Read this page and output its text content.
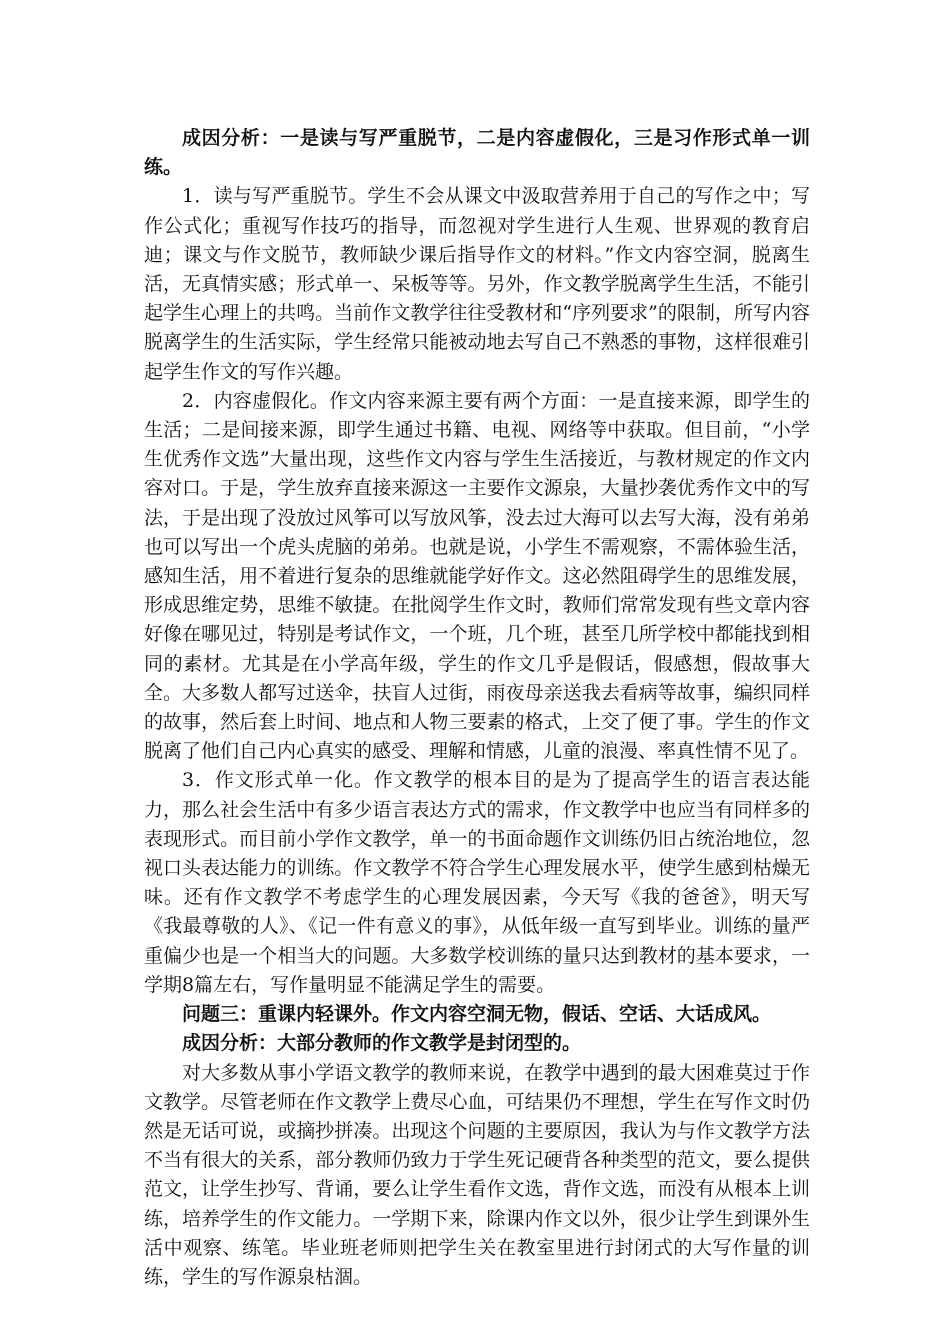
成因分析：一是读与写严重脱节，二是内容虚假化，三是习作形式单一训练。

1．读与写严重脱节。学生不会从课文中汲取营养用于自己的写作之中；写作公式化；重视写作技巧的指导，而忽视对学生进行人生观、世界观的教育启迪；课文与作文脱节，教师缺少课后指导作文的材料。”作文内容空洞，脱离生活，无真情实感；形式单一、呆板等等。另外，作文教学脱离学生生活，不能引起学生心理上的共鸣。当前作文教学往往受教材和“序列要求”的限制，所写内容脱离学生的生活实际，学生经常只能被动地去写自己不熟悉的事物，这样很难引起学生作文的写作兴趣。

2．内容虚假化。作文内容来源主要有两个方面：一是直接来源，即学生的生活；二是间接来源，即学生通过书籍、电视、网络等中获取。但目前，“小学生优秀作文选”大量出现，这些作文内容与学生生活接近，与教材规定的作文内容对口。于是，学生放弃直接来源这一主要作文源泉，大量抄袭优秀作文中的写法，于是出现了没放过风筝可以写放风筝，没去过大海可以去写大海，没有弟弟也可以写出一个虎头虎脑的弟弟。也就是说，小学生不需观察，不需体验生活，感知生活，用不着进行复杂的思维就能学好作文。这必然阻碍学生的思维发展，形成思维定势，思维不敏捷。在批阅学生作文时，教师们常常发现有些文章内容好像在哪见过，特别是考试作文，一个班，几个班，甚至几所学校中都能找到相同的素材。尤其是在小学高年级，学生的作文几乎是假话，假感想，假故事大全。大多数人都写过送伞，扶盲人过街，雨夜母亲送我去看病等故事，编织同样的故事，然后套上时间、地点和人物三要素的格式，上交了便了事。学生的作文脱离了他们自己内心真实的感受、理解和情感，儿童的浪漫、率真性情不见了。

3．作文形式单一化。作文教学的根本目的是为了提高学生的语言表达能力，那么社会生活中有多少语言表达方式的需求，作文教学中也应当有同样多的表现形式。而目前小学作文教学，单一的书面命题作文训练仍旧占统治地位，忽视口头表达能力的训练。作文教学不符合学生心理发展水平，使学生感到枯燥无味。还有作文教学不考虑学生的心理发展因素，今天写《我的爸爸》，明天写《我最尊敬的人》、《记一件有意义的事》，从低年级一直写到毕业。训练的量严重偏少也是一个相当大的问题。大多数学校训练的量只达到教材的基本要求，一学期8篇左右，写作量明显不能满足学生的需要。

问题三：重课内轻课外。作文内容空洞无物，假话、空话、大话成风。

成因分析：大部分教师的作文教学是封闭型的。

对大多数从事小学语文教学的教师来说，在教学中遇到的最大困难莫过于作文教学。尽管老师在作文教学上费尽心血，可结果仍不理想，学生在写作文时仍然是无话可说，或摘抄拼凑。出现这个问题的主要原因，我认为与作文教学方法不当有很大的关系，部分教师仍致力于学生死记硬背各种类型的范文，要么提供范文，让学生抄写、背诵，要么让学生看作文选，背作文选，而没有从根本上训练，培养学生的作文能力。一学期下来，除课内作文以外，很少让学生到课外生活中观察、练笔。毕业班老师则把学生关在教室里进行封闭式的大写作量的训练，学生的写作源泉枯涸。
